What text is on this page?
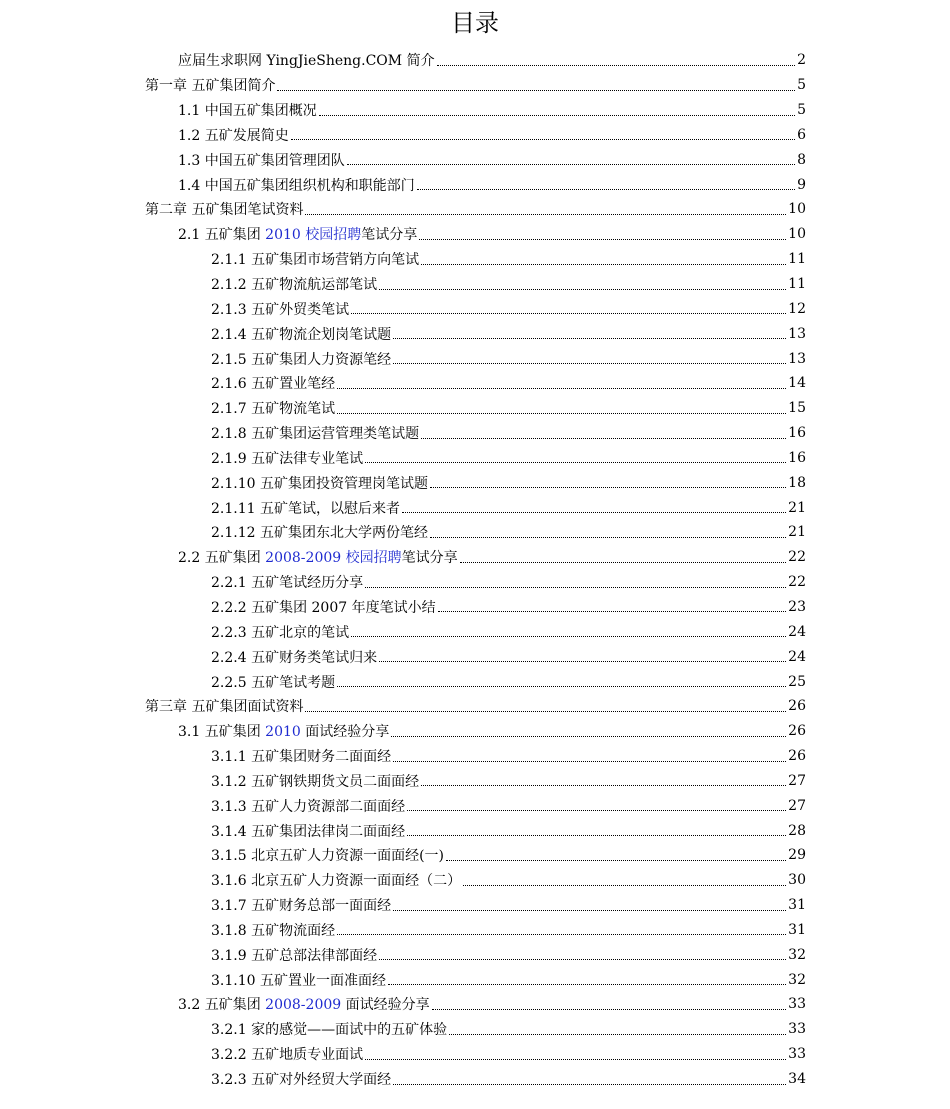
目录
应届生求职网 YingJieSheng.COM 简介	2
第一章 五矿集团简介	5
1.1 中国五矿集团概况	5
1.2 五矿发展简史	6
1.3 中国五矿集团管理团队	8
1.4 中国五矿集团组织机构和职能部门	9
第二章 五矿集团笔试资料	10
2.1 五矿集团 2010 校园招聘笔试分享	10
2.1.1 五矿集团市场营销方向笔试	11
2.1.2 五矿物流航运部笔试	11
2.1.3 五矿外贸类笔试	12
2.1.4 五矿物流企划岗笔试题	13
2.1.5 五矿集团人力资源笔经	13
2.1.6 五矿置业笔经	14
2.1.7 五矿物流笔试	15
2.1.8 五矿集团运营管理类笔试题	16
2.1.9 五矿法律专业笔试	16
2.1.10 五矿集团投资管理岗笔试题	18
2.1.11 五矿笔试，以慰后来者	21
2.1.12 五矿集团东北大学两份笔经	21
2.2 五矿集团 2008-2009 校园招聘笔试分享	22
2.2.1 五矿笔试经历分享	22
2.2.2 五矿集团 2007 年度笔试小结	23
2.2.3 五矿北京的笔试	24
2.2.4 五矿财务类笔试归来	24
2.2.5 五矿笔试考题	25
第三章 五矿集团面试资料	26
3.1 五矿集团 2010 面试经验分享	26
3.1.1 五矿集团财务二面面经	26
3.1.2 五矿钢铁期货文员二面面经	27
3.1.3 五矿人力资源部二面面经	27
3.1.4 五矿集团法律岗二面面经	28
3.1.5 北京五矿人力资源一面面经(一)	29
3.1.6 北京五矿人力资源一面面经（二）	30
3.1.7 五矿财务总部一面面经	31
3.1.8 五矿物流面经	31
3.1.9 五矿总部法律部面经	32
3.1.10 五矿置业一面准面经	32
3.2 五矿集团 2008-2009 面试经验分享	33
3.2.1 家的感觉——面试中的五矿体验	33
3.2.2 五矿地质专业面试	33
3.2.3 五矿对外经贸大学面经	34
